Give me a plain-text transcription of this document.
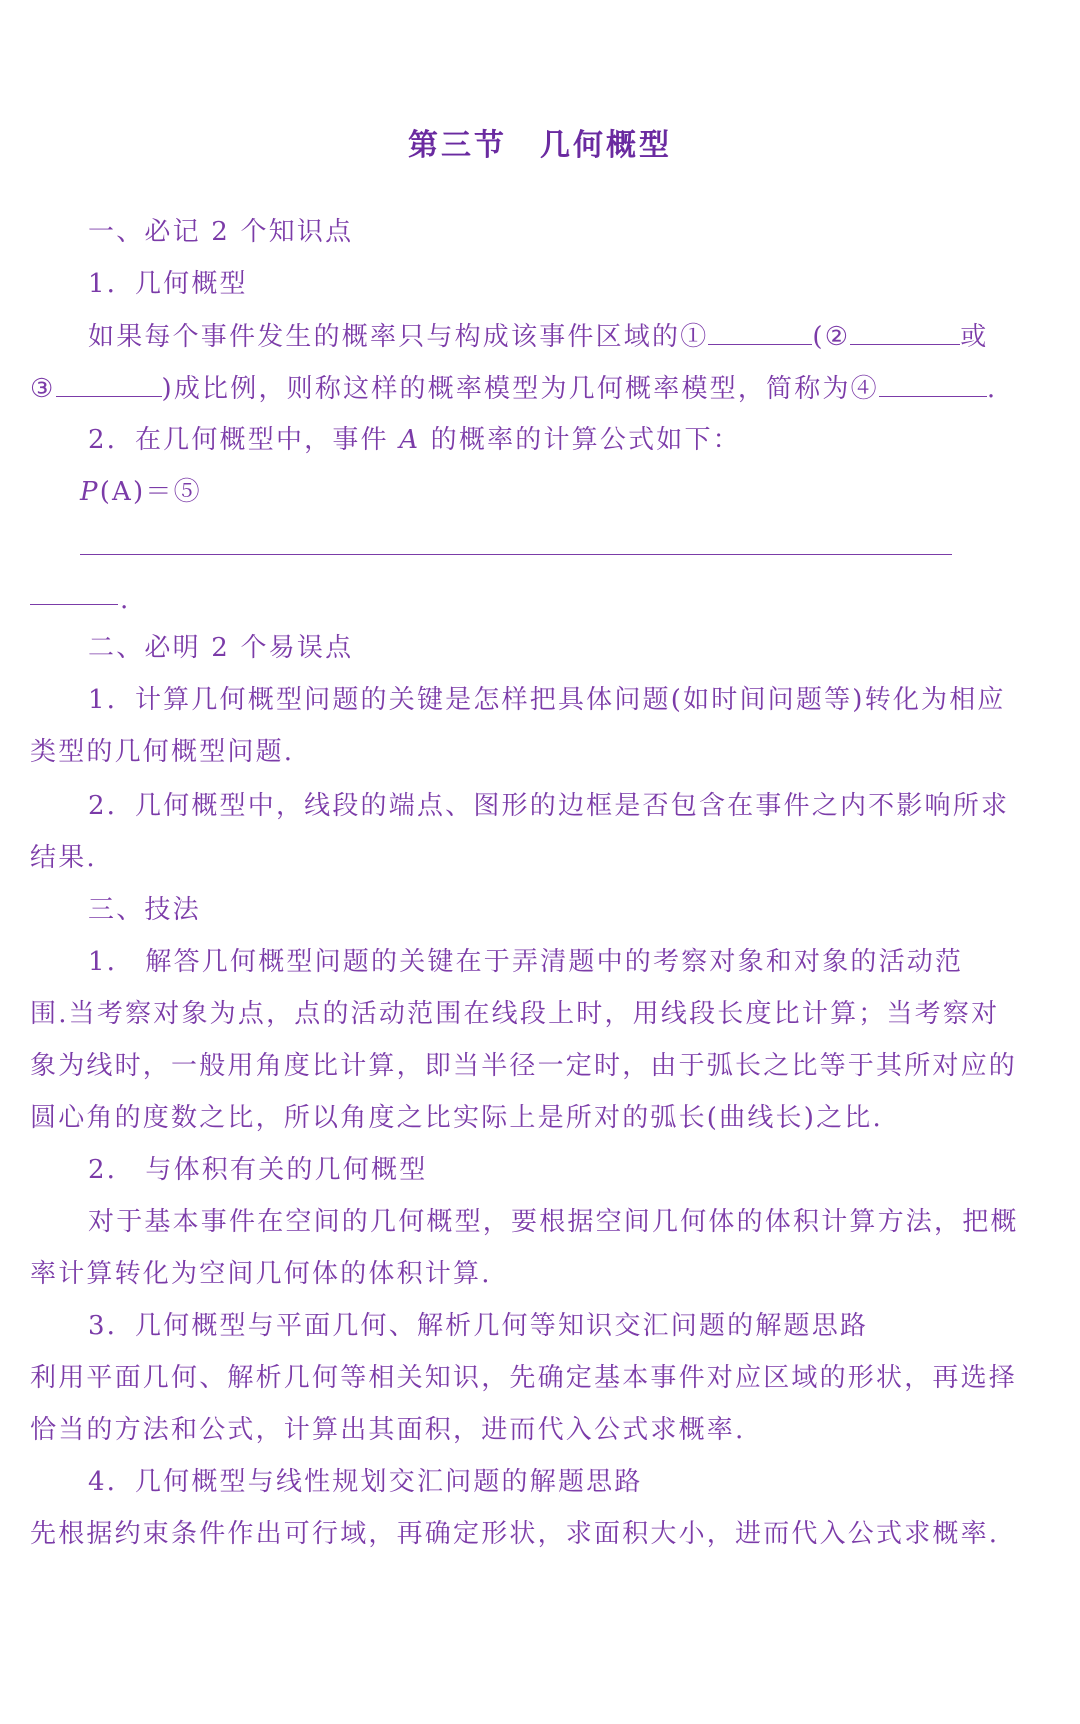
第三节　几何概型
一、必记 2 个知识点
1．几何概型
如果每个事件发生的概率只与构成该事件区域的①	(②	或
③	)成比例，则称这样的概率模型为几何概率模型，简称为④	.
2．在几何概型中，事件 A 的概率的计算公式如下：
P(A)＝⑤
.
二、必明 2 个易误点
1．计算几何概型问题的关键是怎样把具体问题(如时间问题等)转化为相应
类型的几何概型问题.
2．几何概型中，线段的端点、图形的边框是否包含在事件之内不影响所求
结果.
三、技法
1． 解答几何概型问题的关键在于弄清题中的考察对象和对象的活动范
围.当考察对象为点，点的活动范围在线段上时，用线段长度比计算；当考察对
象为线时，一般用角度比计算，即当半径一定时，由于弧长之比等于其所对应的
圆心角的度数之比，所以角度之比实际上是所对的弧长(曲线长)之比.
2． 与体积有关的几何概型
对于基本事件在空间的几何概型，要根据空间几何体的体积计算方法，把概
率计算转化为空间几何体的体积计算.
3．几何概型与平面几何、解析几何等知识交汇问题的解题思路
利用平面几何、解析几何等相关知识，先确定基本事件对应区域的形状，再选择
恰当的方法和公式，计算出其面积，进而代入公式求概率.
4．几何概型与线性规划交汇问题的解题思路
先根据约束条件作出可行域，再确定形状，求面积大小，进而代入公式求概率.
